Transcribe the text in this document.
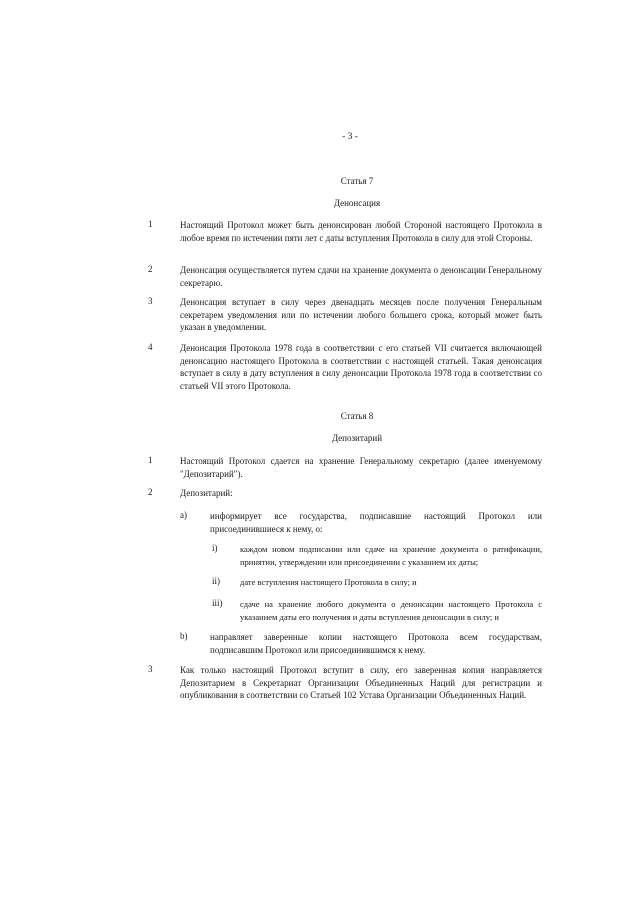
- 3 -
Статья 7
Денонсация
1	Настоящий Протокол может быть денонсирован любой Стороной настоящего Протокола в любое время по истечении пяти лет с даты вступления Протокола в силу для этой Стороны.
2	Денонсация осуществляется путем сдачи на хранение документа о денонсации Генеральному секретарю.
3	Денонсация вступает в силу через двенадцать месяцев после получения Генеральным секретарем уведомления или по истечении любого большего срока, который может быть указан в уведомлении.
4	Денонсация Протокола 1978 года в соответствии с его статьей VII считается включающей денонсацию настоящего Протокола в соответствии с настоящей статьей. Такая денонсация вступает в силу в дату вступления в силу денонсации Протокола 1978 года в соответствии со статьей VII этого Протокола.
Статья 8
Депозитарий
1	Настоящий Протокол сдается на хранение Генеральному секретарю (далее именуемому "Депозитарий").
2	Депозитарий:
a)	информирует все государства, подписавшие настоящий Протокол или присоединившиеся к нему, о:
i)	каждом новом подписании или сдаче на хранение документа о ратификации, принятии, утверждении или присоединении с указанием их даты;
ii) дате вступления настоящего Протокола в силу; и
iii) сдаче на хранение любого документа о денонсации настоящего Протокола с указанием даты его получения и даты вступления денонсации в силу; и
b)	направляет заверенные копии настоящего Протокола всем государствам, подписавшим Протокол или присоединившимся к нему.
3	Как только настоящий Протокол вступит в силу, его заверенная копия направляется Депозитарием в Секретариат Организации Объединенных Наций для регистрации и опубликования в соответствии со Статьей 102 Устава Организации Объединенных Наций.
